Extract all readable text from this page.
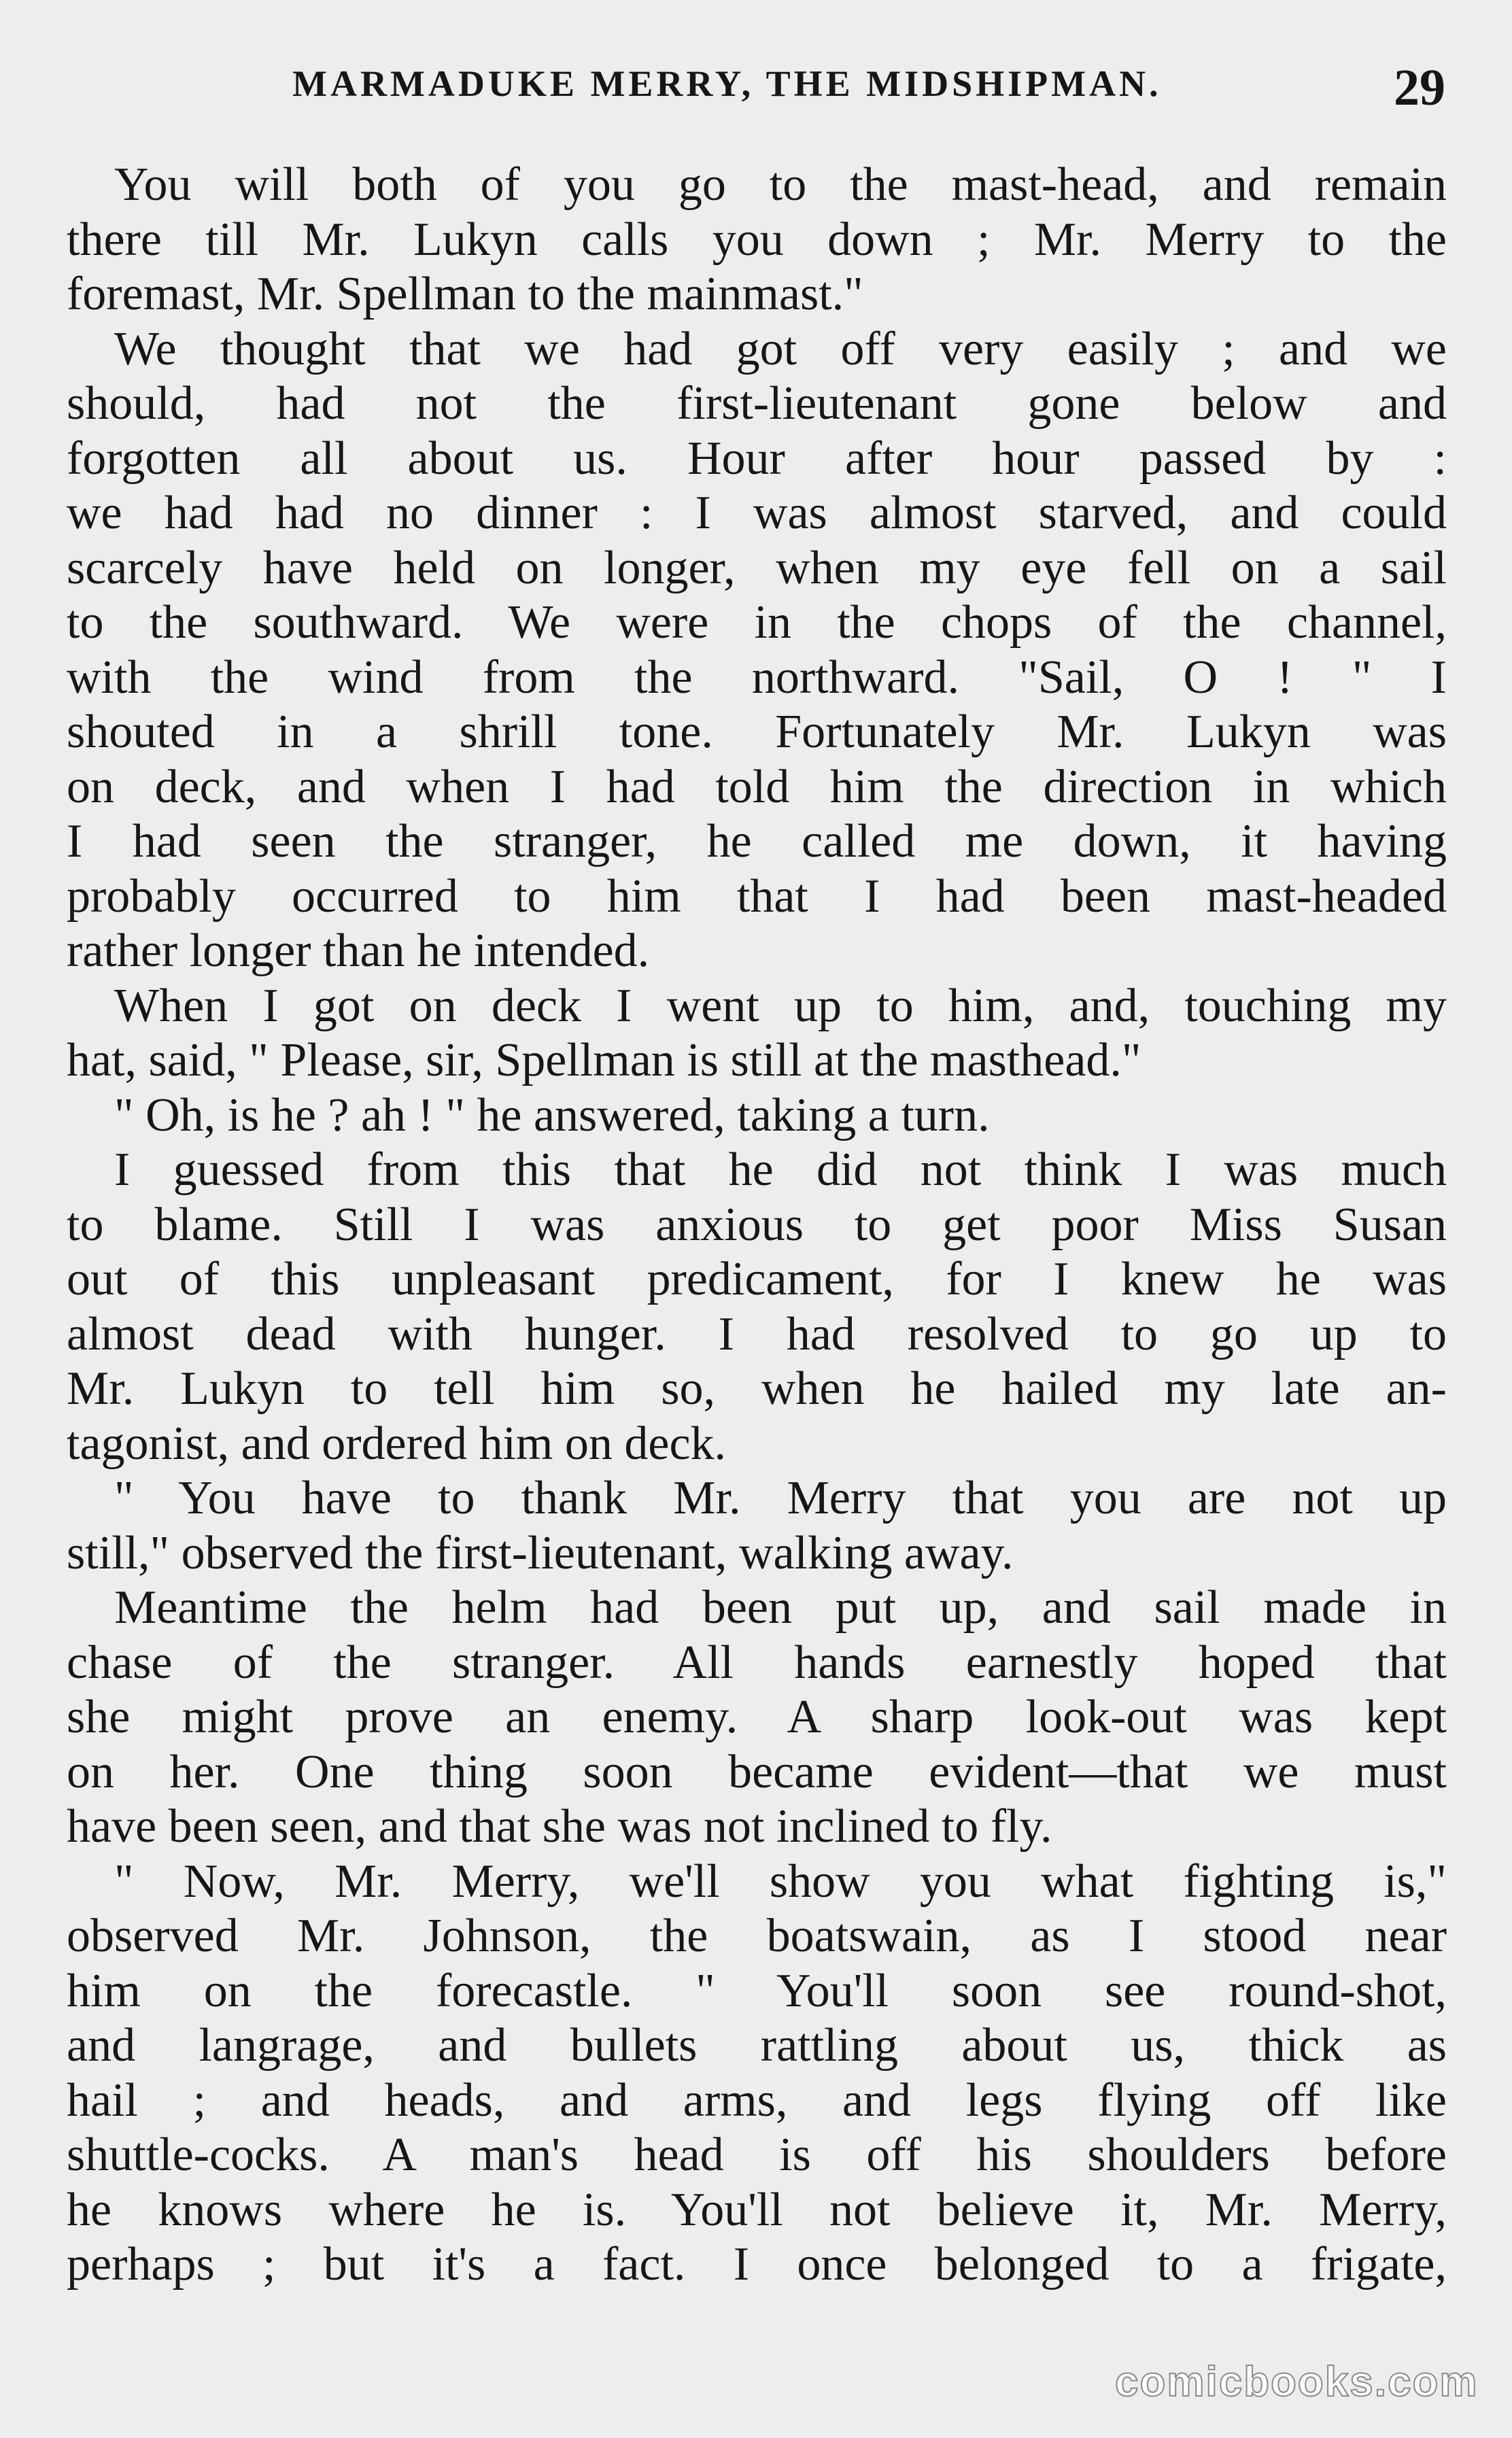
MARMADUKE MERRY, THE MIDSHIPMAN.	29
You will both of you go to the mast-head, and remain
there till Mr. Lukyn calls you down ; Mr. Merry to the
foremast, Mr. Spellman to the mainmast."
We thought that we had got off very easily ; and we
should, had not the first-lieutenant gone below and
forgotten all about us. Hour after hour passed by :
we had had no dinner : I was almost starved, and could
scarcely have held on longer, when my eye fell on a sail
to the southward. We were in the chops of the channel,
with the wind from the northward. "Sail, O ! " I
shouted in a shrill tone. Fortunately Mr. Lukyn was
on deck, and when I had told him the direction in which
I had seen the stranger, he called me down, it having
probably occurred to him that I had been mast-headed
rather longer than he intended.
When I got on deck I went up to him, and, touching my
hat, said, " Please, sir, Spellman is still at the masthead."
" Oh, is he ? ah ! " he answered, taking a turn.
I guessed from this that he did not think I was much
to blame. Still I was anxious to get poor Miss Susan
out of this unpleasant predicament, for I knew he was
almost dead with hunger. I had resolved to go up to
Mr. Lukyn to tell him so, when he hailed my late an-
tagonist, and ordered him on deck.
" You have to thank Mr. Merry that you are not up
still," observed the first-lieutenant, walking away.
Meantime the helm had been put up, and sail made in
chase of the stranger. All hands earnestly hoped that
she might prove an enemy. A sharp look-out was kept
on her. One thing soon became evident—that we must
have been seen, and that she was not inclined to fly.
" Now, Mr. Merry, we'll show you what fighting is,"
observed Mr. Johnson, the boatswain, as I stood near
him on the forecastle. " You'll soon see round-shot,
and langrage, and bullets rattling about us, thick as
hail ; and heads, and arms, and legs flying off like
shuttle-cocks. A man's head is off his shoulders before
he knows where he is. You'll not believe it, Mr. Merry,
perhaps ; but it's a fact. I once belonged to a frigate,
comicbooks.com
